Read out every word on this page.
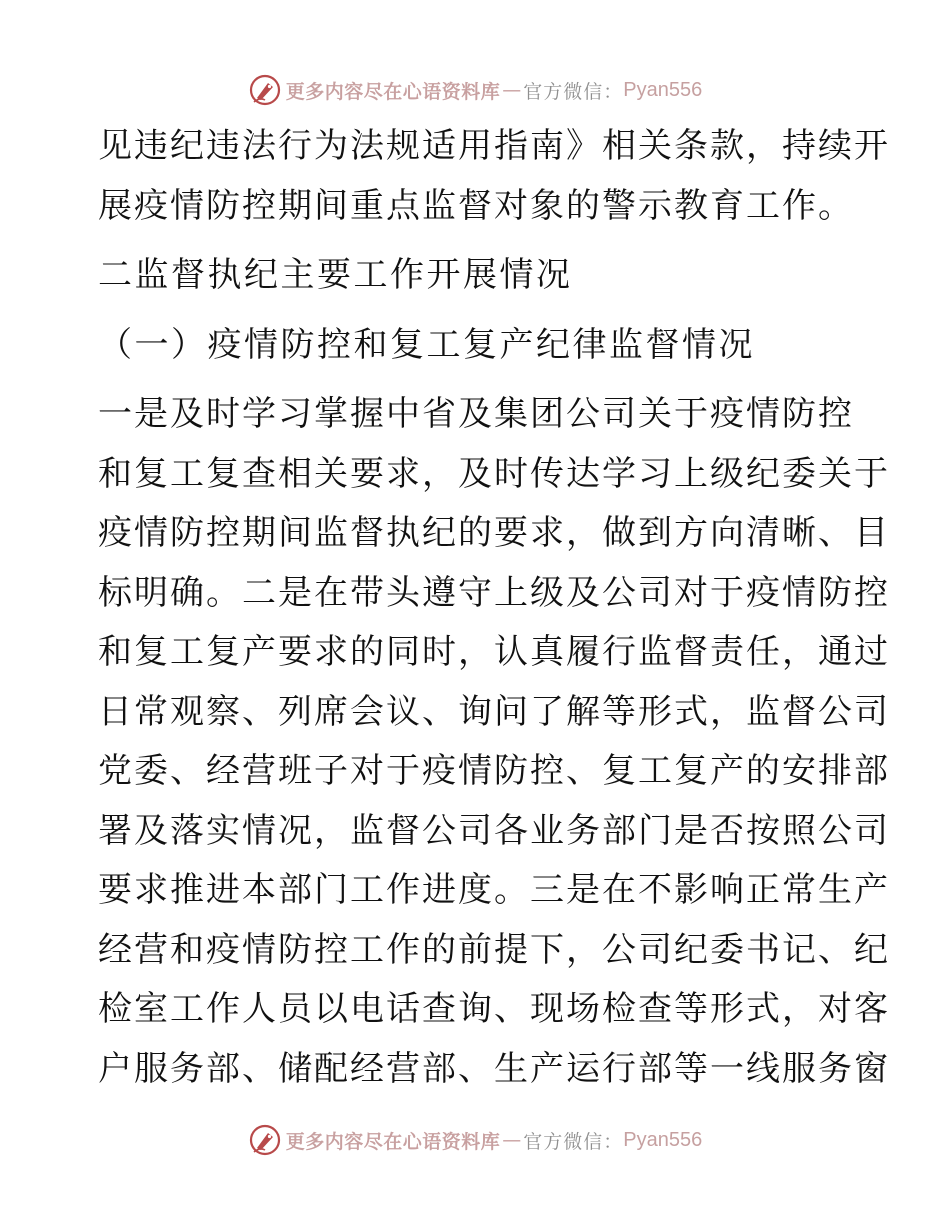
更多内容尽在心语资料库 — 官方微信： Pyan556
见违纪违法行为法规适用指南》相关条款，持续开
展疫情防控期间重点监督对象的警示教育工作。
二监督执纪主要工作开展情况
（一）疫情防控和复工复产纪律监督情况
一是及时学习掌握中省及集团公司关于疫情防控
和复工复查相关要求，及时传达学习上级纪委关于
疫情防控期间监督执纪的要求，做到方向清晰、目
标明确。二是在带头遵守上级及公司对于疫情防控
和复工复产要求的同时，认真履行监督责任，通过
日常观察、列席会议、询问了解等形式，监督公司
党委、经营班子对于疫情防控、复工复产的安排部
署及落实情况，监督公司各业务部门是否按照公司
要求推进本部门工作进度。三是在不影响正常生产
经营和疫情防控工作的前提下，公司纪委书记、纪
检室工作人员以电话查询、现场检查等形式，对客
户服务部、储配经营部、生产运行部等一线服务窗
更多内容尽在心语资料库 — 官方微信： Pyan556
